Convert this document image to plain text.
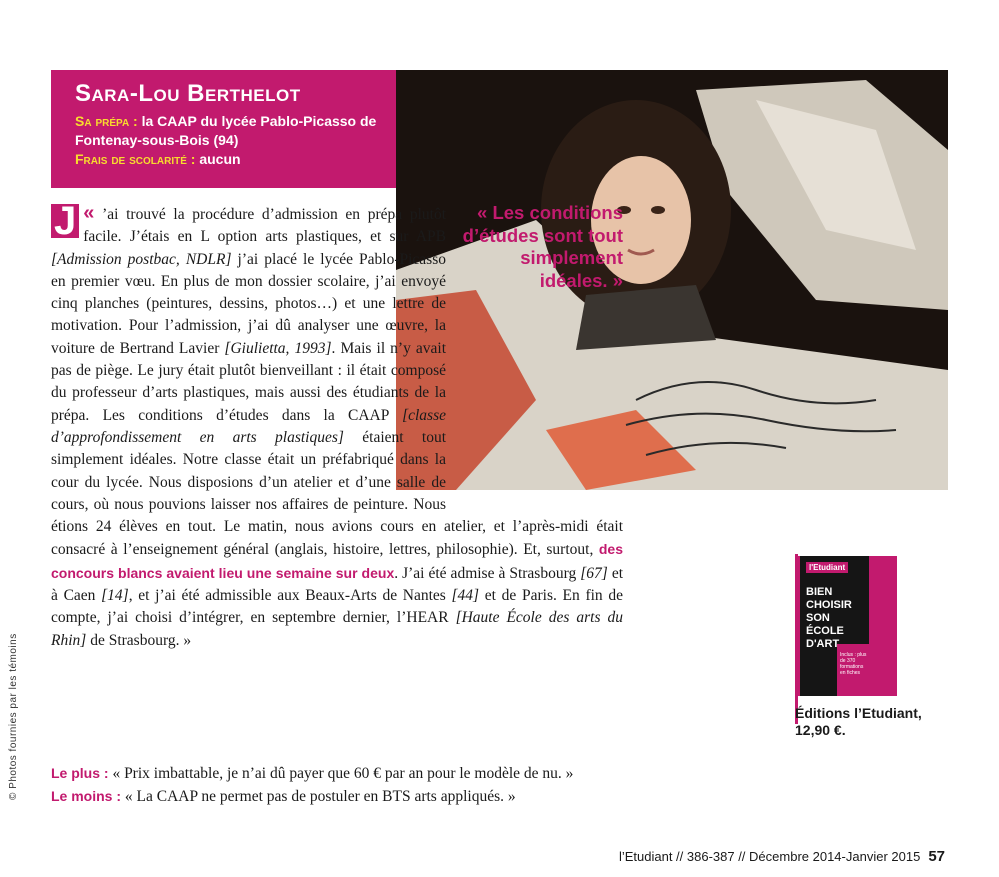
© Photos fournies par les témoins
Sara-Lou Berthelot
Sa prépa : la CAAP du lycée Pablo-Picasso de Fontenay-sous-Bois (94)
Frais de scolarité : aucun
« Les conditions d’études sont tout simplement idéales. »
«
J ’ai trouvé la procédure d’admission en prépa plutôt facile. J’étais en L option arts plastiques, et sur APB [Admission postbac, NDLR] j’ai placé le lycée Pablo-Picasso en premier vœu. En plus de mon dossier scolaire, j’ai envoyé cinq planches (peintures, dessins, photos…) et une lettre de motivation. Pour l’admission, j’ai dû analyser une œuvre, la voiture de Bertrand Lavier [Giulietta, 1993]. Mais il n’y avait pas de piège. Le jury était plutôt bienveillant : il était composé du professeur d’arts plastiques, mais aussi des étudiants de la prépa. Les conditions d’études dans la CAAP [classe d’approfondissement en arts plastiques] étaient tout simplement idéales. Notre classe était un préfabriqué dans la cour du lycée. Nous disposions d’un atelier et d’une salle de cours, où nous pouvions laisser nos affaires de peinture. Nous étions 24 élèves en tout. Le matin, nous avions cours en atelier, et l’après-midi était consacré à l’enseignement général (anglais, histoire, lettres, philosophie). Et, surtout, des concours blancs avaient lieu une semaine sur deux. J’ai été admise à Strasbourg [67] et à Caen [14], et j’ai été admissible aux Beaux-Arts de Nantes [44] et de Paris. En fin de compte, j’ai choisi d’intégrer, en septembre dernier, l’HEAR [Haute École des arts du Rhin] de Strasbourg. »
Le plus : « Prix imbattable, je n’ai dû payer que 60 € par an pour le modèle de nu. »
Le moins : « La CAAP ne permet pas de postuler en BTS arts appliqués. »
l'Etudiant
BIEN CHOISIR SON ÉCOLE D'ART
Inclus : plus de 370 formations en fiches
Éditions l’Etudiant,
12,90 €.
l’Etudiant // 386-387 // Décembre 2014-Janvier 2015 57
